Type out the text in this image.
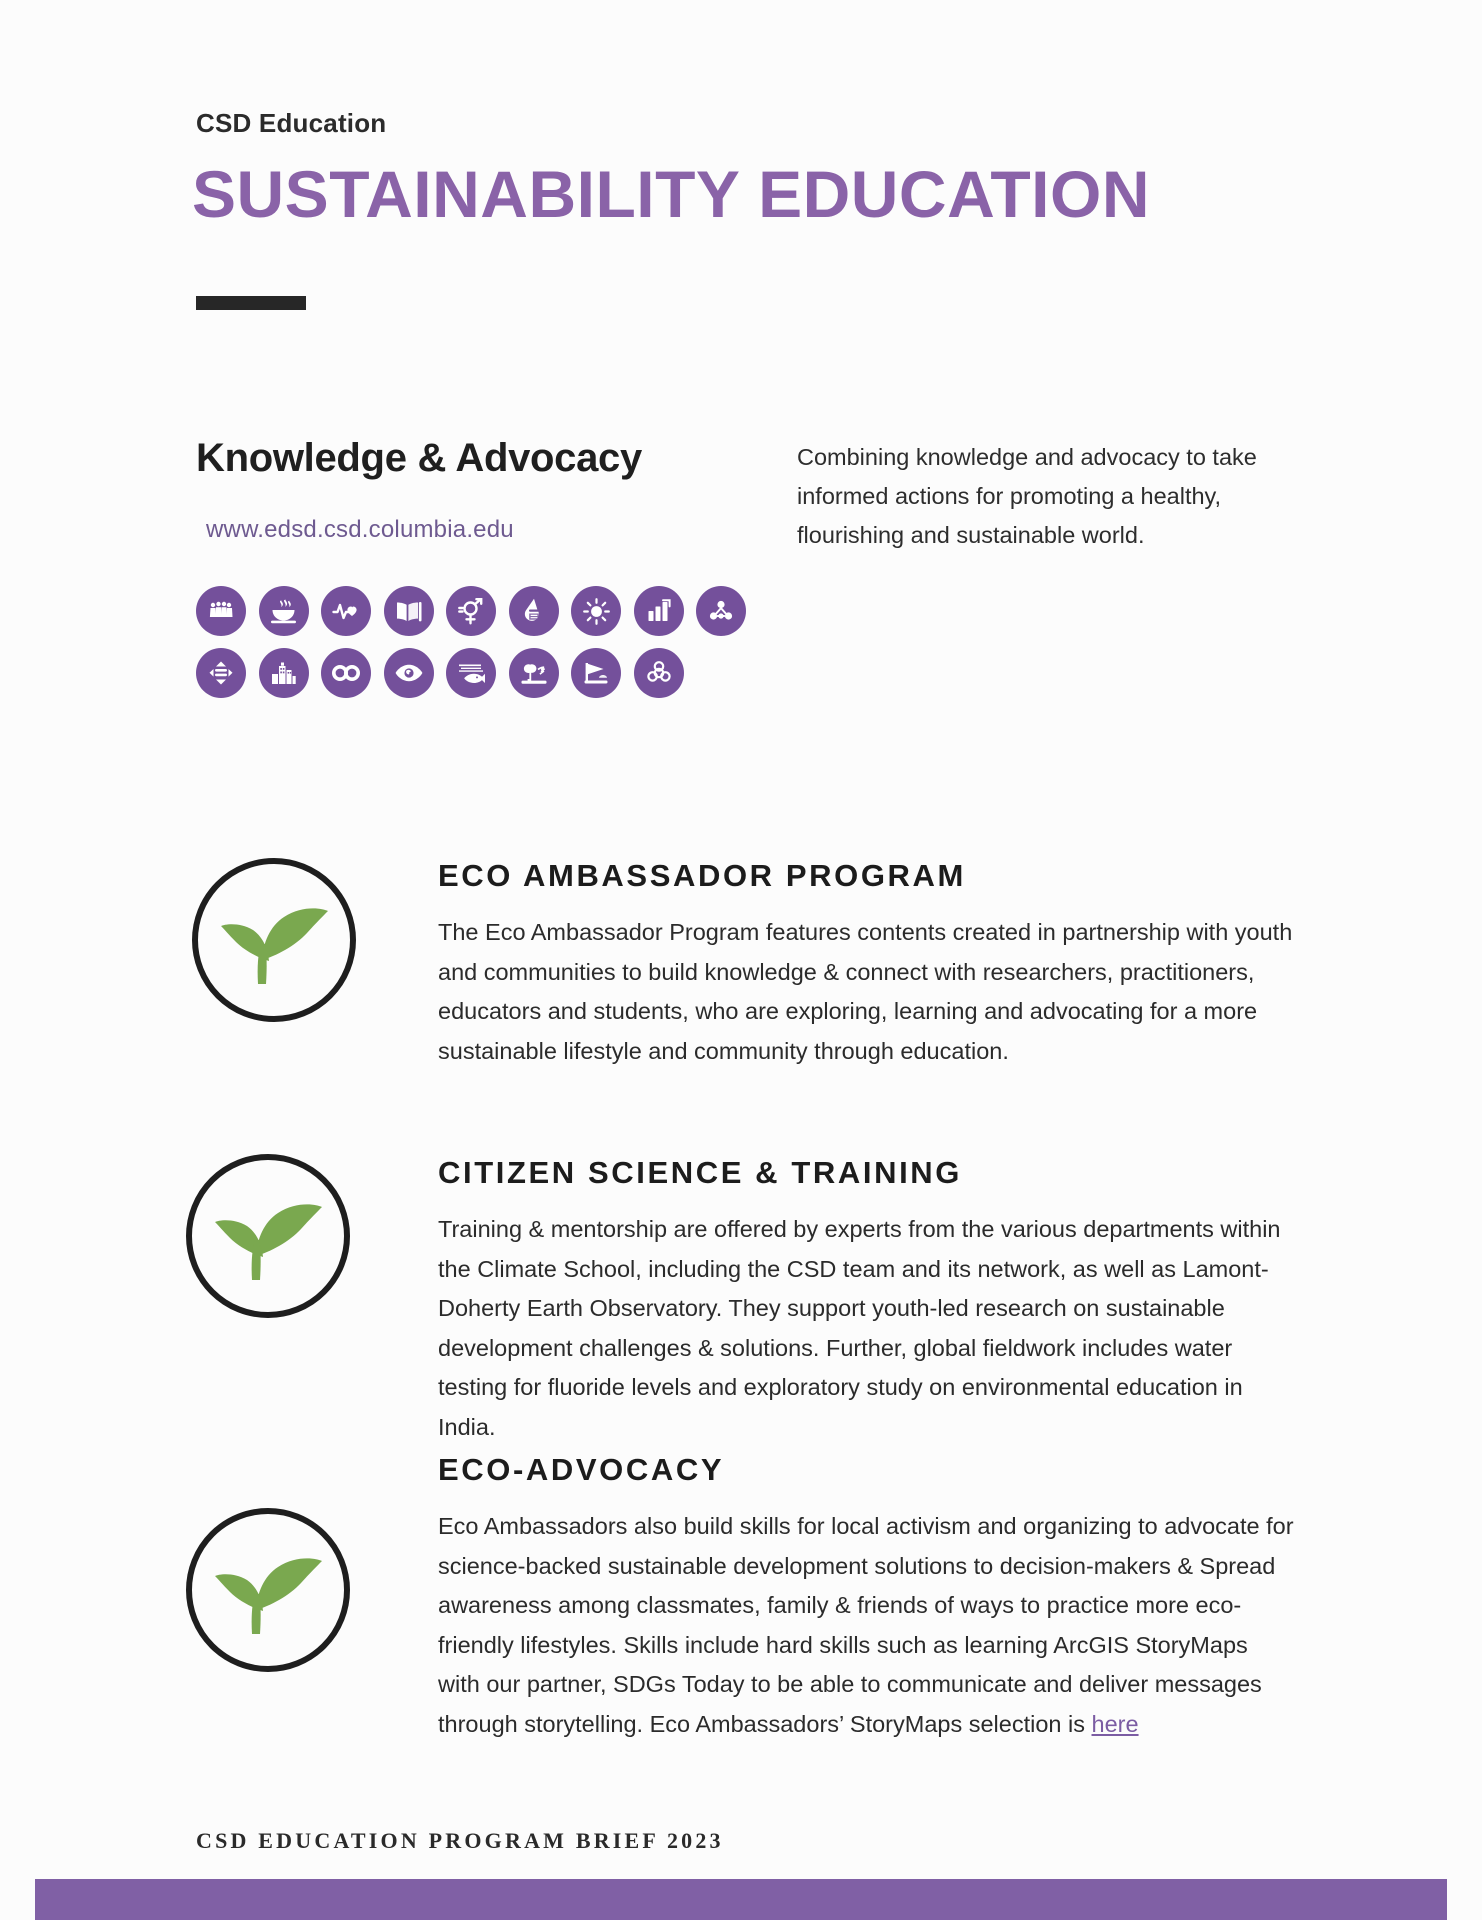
CSD Education
SUSTAINABILITY EDUCATION
Knowledge & Advocacy
www.edsd.csd.columbia.edu
Combining knowledge and advocacy to take informed actions for promoting a healthy, flourishing and sustainable world.
ECO AMBASSADOR PROGRAM
The Eco Ambassador Program features contents created in partnership with youth and communities to build knowledge & connect with researchers, practitioners, educators and students, who are exploring, learning and advocating for a more sustainable lifestyle and community through education.
CITIZEN SCIENCE & TRAINING
Training & mentorship are offered by experts from the various departments within the Climate School, including the CSD team and its network, as well as Lamont-Doherty Earth Observatory. They support youth-led research on sustainable development challenges & solutions. Further, global fieldwork includes water testing for fluoride levels and exploratory study on environmental education in India.
ECO-ADVOCACY
Eco Ambassadors also build skills for local activism and organizing to advocate for science-backed sustainable development solutions to decision-makers & Spread awareness among classmates, family & friends of ways to practice more eco-friendly lifestyles. Skills include hard skills such as learning ArcGIS StoryMaps with our partner, SDGs Today to be able to communicate and deliver messages through storytelling. Eco Ambassadors’ StoryMaps selection is here
CSD EDUCATION PROGRAM BRIEF 2023
